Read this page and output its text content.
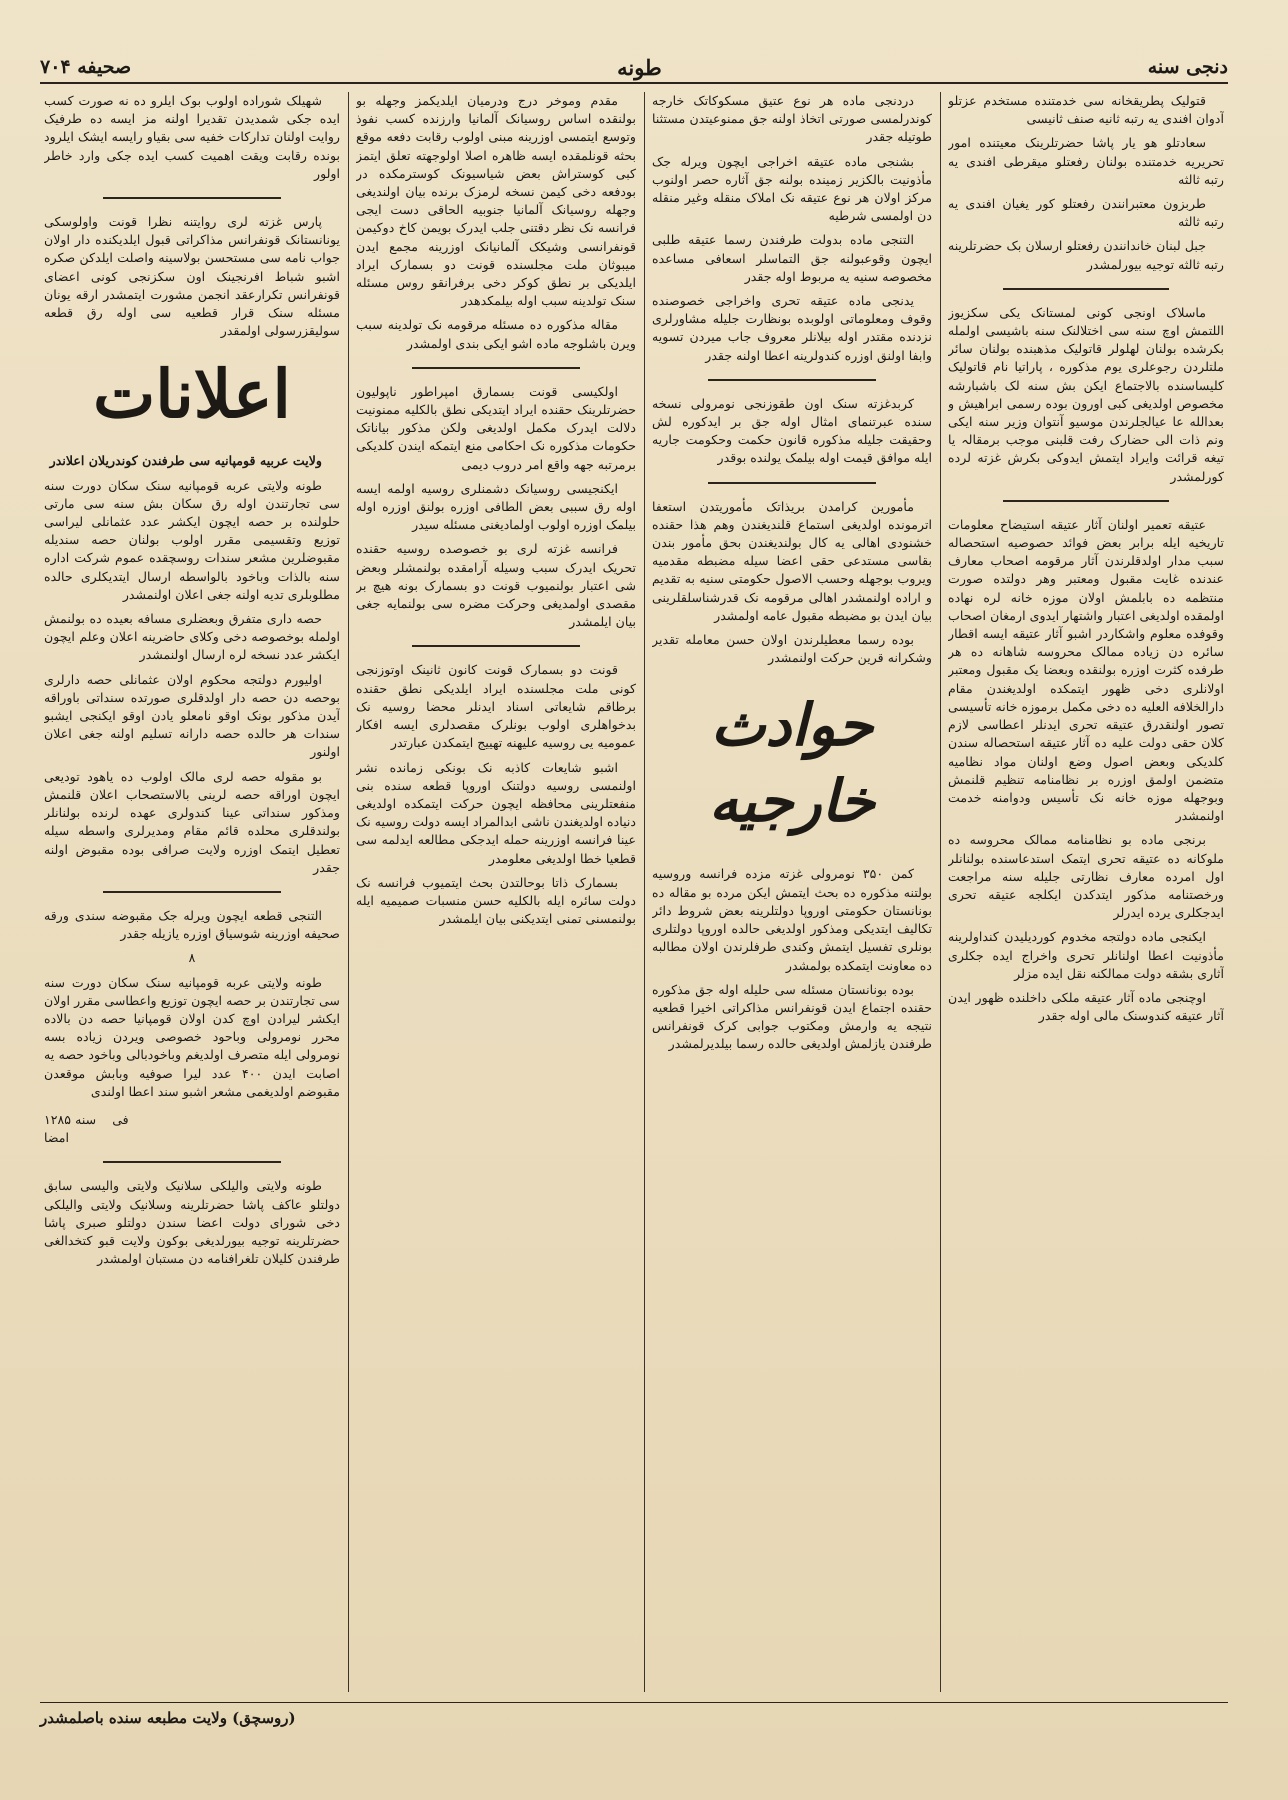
دنجی سنه
طونه
صحیفه ۷۰۴

قتولیک پطریقخانه سی خدمتنده مستخدم عزتلو آدوان افندی یه رتبه ثانیه صنف ثانیسی

سعادتلو هو یار پاشا حضرتلرینک معیتنده امور تحریریه خدمتنده بولنان رفعتلو میقرطی افندی یه رتبه ثالثه

طربزون معتبرانندن رفعتلو کور یغیان افندی یه رتبه ثالثه

جبل لبنان خاندانندن رفعتلو ارسلان بک حضرتلرینه رتبه ثالثه توجیه بیورلمشدر

ماسلاک اونجی کونی لمستانک یکی سکزیوز اللتمش اوچ سنه سی اختلالنک سنه باشیسی اولمله بکرشده بولنان لهلولر قاتولیک مذهبنده بولنان سائر ملتلردن رجوعلری یوم مذکوره ، پاراتیا نام قاتولیک کلیساسنده بالاجتماع ایکن بش سنه لک باشبارشه مخصوص اولدیغی کبی اورون بوده رسمی ابراهیش و بعدالله عا عیالجلرندن موسیو آنتوان وزیر سنه ایکی ونم ذات الی حضارک رفت قلبنی موجب برمقالہ یا تیغه قرائت وایراد ایتمش ایدوکی بکرش غزته لرده کورلمشدر

عتیقه تعمیر اولنان آثار عتیقه استیضاح معلومات تاریخیه ایله برابر بعض فوائد حصوصیه استحصاله سبب مدار اولدقلرندن آثار مرقومه اصحاب معارف عندنده غایت مقبول ومعتبر وهر دولتده صورت منتظمه ده بابلمش اولان موزه خانه لره نهاده اولمقده اولدیغی اعتبار واشتهار ایدوی ارمغان اصحاب وقوفده معلوم واشکاردر اشبو آثار عتیقه ایسه اقطار سائره دن زیاده ممالک محروسه شاهانه ده هر طرفده کثرت اوزره بولنقده وبعضا یک مقبول ومعتبر اولانلری دخی ظهور ایتمکده اولدیغندن مقام دارالخلافه العلیه ده دخی مکمل برموزه خانه تأسیسی تصور اولنقدرق عتیقه تحری ایدنلر اعطاسی لازم کلان حقی دولت علیه ده آثار عتیقه استحصاله سندن کلدیکی وبعض اصول وضع اولنان مواد نظامیه متضمن اولمق اوزره بر نظامنامه تنظیم قلنمش وبوجهله موزه خانه نک تأسیس ودوامنه خدمت اولنمشدر

برنجی ماده بو نظامنامه ممالک محروسه ده ملوکانه ده عتیقه تحری ایتمک استدعاسنده بولنانلر اول امرده معارف نظارتی جلیله سنه مراجعت ورخصتنامه مذکور ایتدکدن ایکلجه عتیقه تحری ایدجکلری یرده ایدرلر

ایکنجی ماده دولتجه مخدوم کوردیلیدن کنداولرینه مأذونیت اعطا اولنانلر تحری واخراج ایده جکلری آثاری بشقه دولت ممالکنه نقل ایده مزلر

اوچنجی ماده آثار عتیقه ملکی داخلنده ظهور ایدن آثار عتیقه کندوسنک مالی اوله جقدر

دردنجی ماده هر نوع عتیق مسکوکاتک خارجه کوندرلمسی صورتی اتخاذ اولنه جق ممنوعیتدن مستثنا طوتیله جقدر

بشنجی ماده عتیقه اخراجی ایچون ویرله جک مأذونیت بالکزیر زمینده بولنه جق آثاره حصر اولنوب مرکز اولان هر نوع عتیقه نک املاک منقله وغیر منقله دن اولمسی شرطیه

التنجی ماده بدولت طرفندن رسما عتیقه طلبی ایچون وقوعبولنه جق التماسلر اسعافی مساعده مخصوصه سنیه یه مربوط اوله جقدر

یدنجی ماده عتیقه تحری واخراجی خصوصنده وقوف ومعلوماتی اولوبده بونظارت جلیله مشاورلری نزدنده مقتدر اوله بیلانلر معروف جاب میردن تسویه وابفا اولنق اوزره کندولرینه اعطا اولنه جقدر

کربدغزته سنک اون طقوزنجی نومرولی نسخه سنده عبرتنمای امثال اوله جق بر ایدکوره لش وحقیقت جلیله مذکوره قانون حکمت وحکومت جاریه ایله موافق قیمت اوله بیلمک یولنده بوقدر

مأمورین کرامدن بریذاتک مأموریتدن استعفا اترمونده اولدیغی استماع قلندیغندن وهم هذا حقنده خشنودی اهالی یه کال بولندیغندن بحق مأمور بندن بقاسی مستدعی حقی اعضا سیله مضبطه مقدمیه ویروب بوجهله وحسب الاصول حکومتی سنیه به تقدیم و اراده اولنمشدر اهالی مرقومه نک قدرشناسلقلرینی بیان ایدن بو مضبطه مقبول عامه اولمشدر

بوده رسما معطیلرندن اولان حسن معامله تقدیر وشکرانه قرین حرکت اولنمشدر

حوادث خارجیه

کمن ۳۵۰ نومرولی غزته مزده فرانسه وروسیه بولتنه مذکوره ده بحث ایتمش ایکن مرده بو مقاله ده بونانستان حکومتی اوروپا دولتلرینه بعض شروط دائر تکالیف ایتدیکی ومذکور اولدیغی حالده اوروپا دولتلری بونلری تفسیل ایتمش وکندی طرفلرندن اولان مطالبه ده معاونت ایتمکده بولمشدر

بوده بونانستان مسئله سی حلیله اوله جق مذکوره حقنده اجتماع ایدن قونفرانس مذاکراتی اخیرا قطعیه نتیجه یه وارمش ومکتوب جوابی کرک قونفرانس طرفندن یازلمش اولدیغی حالده رسما بیلدیرلمشدر

مقدم وموخر درج ودرمیان ایلدیکمز وجهله بو بولنقده اساس روسیانک آلمانیا وارزنده کسب نفوذ وتوسع ایتمسی اوزرینه مبنی اولوب رقابت دفعه موقع بحثه قونلمقده ایسه ظاهره اصلا اولوجهته تعلق ایتمز کبی کوستراش بعض شیاسیونک کوسترمکده در بودفعه دخی کیمن نسخه لرمزک برنده بیان اولندیغی وجهله روسیانک آلمانیا جنوبیه الحاقی دست ایجی فرانسه نک نظر دقتنی جلب ایدرک بویمن کاخ دوکیمن قونفرانسی وشیکک آلمانیانک اوزرینه مجمع ایدن میبوثان ملت مجلسنده قونت دو بسمارک ایراد ایلدیکی بر نطق کوکر دخی برفرانقو روس مسئله سنک تولدینه سبب اوله بیلمکدهدر

مقاله مذکوره ده مسئله مرقومه نک تولدینه سبب ویرن باشلوجه ماده اشو ایکی بندی اولمشدر

اولکیسی قونت بسمارق امپراطور ناپولیون حضرتلرینک حقنده ایراد ایتدیکی نطق بالکلیه ممنونیت دلالت ایدرک مکمل اولدیغی ولکن مذکور بیاناتک حکومات مذکوره نک احکامی منع ایتمکه ایندن کلدیکی برمرتبه جهه واقع امر دروب دیمی

ایکنجیسی روسیانک دشمنلری روسیه اولمه ایسه اوله رق سببی بعض الطافی اوزره بولنق اوزره اوله بیلمک اوزره اولوب اولمادیغنی مسئله سیدر

فرانسه غزته لری بو خصوصده روسیه حقنده تحریک ایدرک سبب وسیله آرامقده بولنمشلر وبعض شی اعتبار بولنمیوب قونت دو بسمارک بونه هیچ بر مقصدی اولمدیغی وحرکت مضره سی بولنمایه جغی بیان ایلمشدر

قونت دو بسمارک قونت کانون ثانینک اوتوزنجی کونی ملت مجلسنده ایراد ایلدیکی نطق حقنده برطاقم شایعاتی اسناد ایدنلر محضا روسیه نک بدخواهلری اولوب بونلرک مقصدلری ایسه افکار عمومیه یی روسیه علیهنه تهییج ایتمکدن عبارتدر

اشبو شایعات کاذبه نک بونکی زمانده نشر اولنمسی روسیه دولتنک اوروپا قطعه سنده بنی منفعتلرینی محافظه ایچون حرکت ایتمکده اولدیغی دنیاده اولدیغندن ناشی ابدالمراد ایسه دولت روسیه نک عینا فرانسه اوزرینه حمله ایدجکی مطالعه ایدلمه سی قطعیا خطا اولدیغی معلومدر

بسمارک ذاتا بوحالتدن بحث ایتمیوب فرانسه نک دولت سائره ایله بالکلیه حسن منسبات صمیمیه ایله بولنمسنی تمنی ایتدیکنی بیان ایلمشدر

شهیلک شوراده اولوب بوک ایلرو ده نه صورت کسب ایده جکی شمدیدن تقدیرا اولنه مز ایسه ده طرفیک روایت اولنان تدارکات خفیه سی بقیاو رایسه ایشک ایلرود بونده رقابت ویقت اهمیت کسب ایده جکی وارد خاطر اولور

پارس غزته لری روایتنه نظرا قونت واولوسکی یونانستانک قونفرانس مذاکراتی قبول ایلدیکنده دار اولان جواب نامه سی مستحسن بولاسینه واصلت ایلدکن صکره اشبو شباط افرنجینک اون سکزنجی کونی اعضای قونفرانس تکرارعقد انجمن مشورت ایتمشدر ارقه یونان مسئله سنک قرار قطعیه سی اوله رق قطعه سولیقزرسولی اولمقدر

اعلانات

ولایت عربیه قومپانیه سی طرفندن کوندریلان اعلاندر

طونه ولایتی عربه قومپانیه سنک سکان دورت سنه سی تجارتندن اوله رق سکان بش سنه سی مارتی حلولنده بر حصه ایچون ایکشر عدد عثمانلی لیراسی توزیع وتقسیمی مقرر اولوب بولنان حصه سندیله مقبوضلرین مشعر سندات روسچقده عموم شرکت اداره سنه بالذات وباخود بالواسطه ارسال ایتدیکلری حالده مطلوبلری تدیه اولنه جغی اعلان اولنمشدر

حصه داری متفرق وبعضلری مسافه بعیده ده بولنمش اولمله بوخصوصه دخی وکلای حاضرینه اعلان وعلم ایچون ایکشر عدد نسخه لره ارسال اولنمشدر

اولیورم دولتجه محکوم اولان عثمانلی حصه دارلری بوحصه دن حصه دار اولدقلری صورتده سنداتی باوراقه آیدن مذکور بونک اوقو نامعلو یادن اوقو ایکنجی ایشبو سندات هر حالده حصه دارانه تسلیم اولنه جغی اعلان اولنور

بو مقوله حصه لری مالک اولوب ده یاهود تودیعی ایچون اوراقه حصه لرینی بالاستصحاب اعلان قلنمش ومذکور سنداتی عینا کندولری عهده لرنده بولنانلر بولندقلری محلده قائم مقام ومدیرلری واسطه سیله تعطیل ایتمک اوزره ولایت صرافی بوده مقبوض اولنه جقدر

التنجی قطعه ایچون ویرله جک مقبوضه سندی ورقه صحیفه اوزرینه شوسیاق اوزره یازیله جقدر

۸

طونه ولایتی عربه قومپانیه سنک سکان دورت سنه سی تجارتندن بر حصه ایچون توزیع واعطاسی مقرر اولان ایکشر لیرادن اوچ کدن اولان قومپانیا حصه دن بالاده محرر نومرولی وباحود خصوصی ویردن زیاده بسه نومرولی ایله متصرف اولدیغم وباخودبالی وباخود حصه یه اصابت ایدن ۴۰۰ عدد لیرا صوفیه وبابش موقعدن مقبوضم اولدیغمی مشعر اشبو سند اعطا اولندی

فی    سنه ۱۲۸۵
امضا

طونه ولایتی والیلکی سلانیک ولایتی والیسی سابق دولتلو عاکف پاشا حضرتلرینه وسلانیک ولایتی والیلکی دخی شورای دولت اعضا سندن دولتلو صبری پاشا حضرتلرینه توجیه بیورلدیغی بوکون ولایت قبو کتخدالغی طرفندن کلیلان تلغرافنامه دن مستبان اولمشدر

(روسچق) ولایت مطبعه سنده باصلمشدر
